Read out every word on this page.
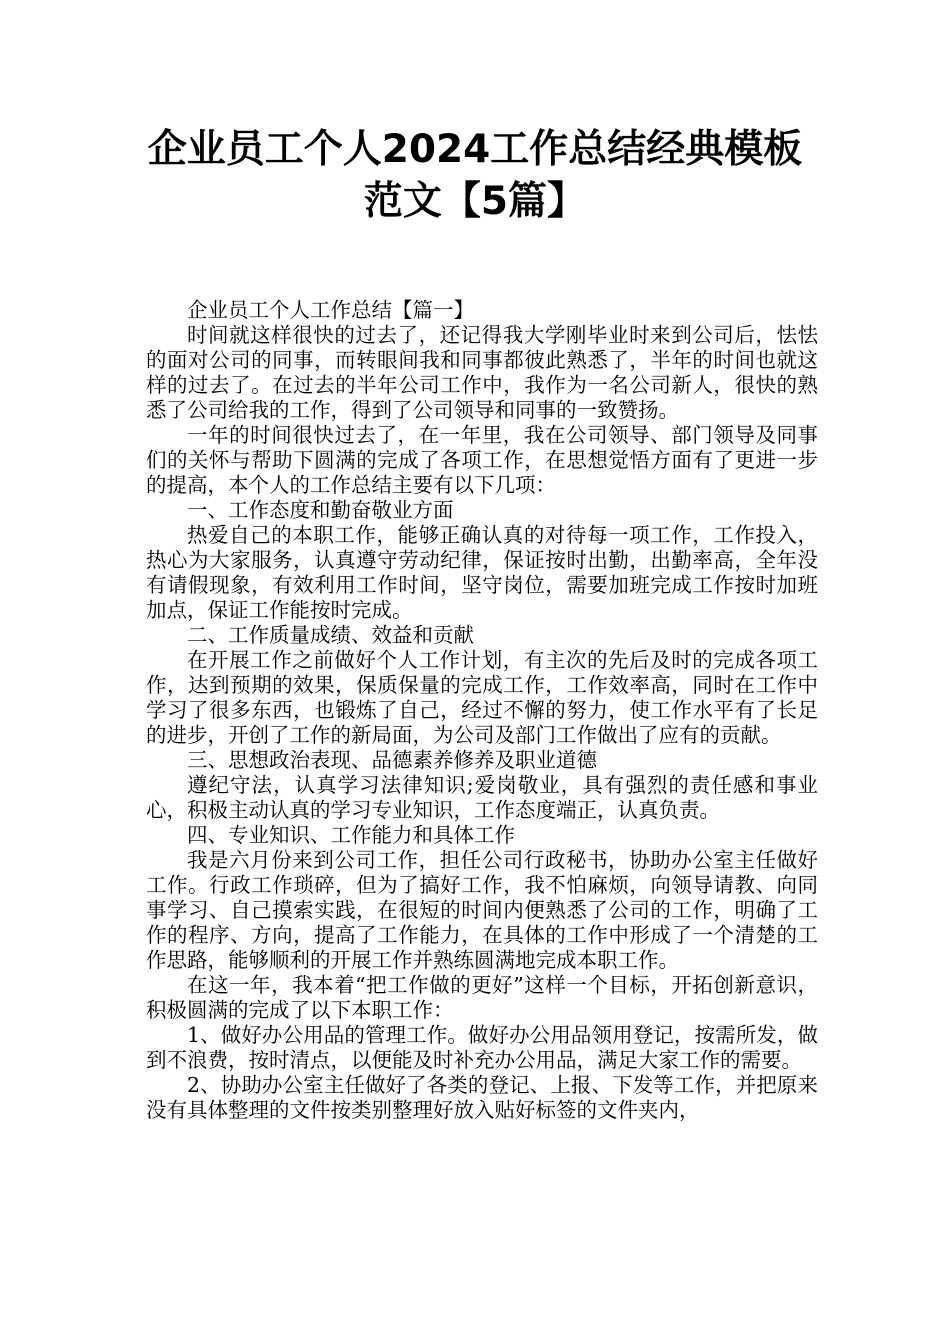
企业员工个人2024工作总结经典模板
范文【5篇】

企业员工个人工作总结【篇一】

时间就这样很快的过去了，还记得我大学刚毕业时来到公司后，怯怯的面对公司的同事，而转眼间我和同事都彼此熟悉了，半年的时间也就这样的过去了。在过去的半年公司工作中，我作为一名公司新人，很快的熟悉了公司给我的工作，得到了公司领导和同事的一致赞扬。

一年的时间很快过去了，在一年里，我在公司领导、部门领导及同事们的关怀与帮助下圆满的完成了各项工作，在思想觉悟方面有了更进一步的提高，本个人的工作总结主要有以下几项：

一、工作态度和勤奋敬业方面

热爱自己的本职工作，能够正确认真的对待每一项工作，工作投入，热心为大家服务，认真遵守劳动纪律，保证按时出勤，出勤率高，全年没有请假现象，有效利用工作时间，坚守岗位，需要加班完成工作按时加班加点，保证工作能按时完成。

二、工作质量成绩、效益和贡献

在开展工作之前做好个人工作计划，有主次的先后及时的完成各项工作，达到预期的效果，保质保量的完成工作，工作效率高，同时在工作中学习了很多东西，也锻炼了自己，经过不懈的努力，使工作水平有了长足的进步，开创了工作的新局面，为公司及部门工作做出了应有的贡献。

三、思想政治表现、品德素养修养及职业道德

遵纪守法，认真学习法律知识;爱岗敬业，具有强烈的责任感和事业心，积极主动认真的学习专业知识，工作态度端正，认真负责。

四、专业知识、工作能力和具体工作

我是六月份来到公司工作，担任公司行政秘书，协助办公室主任做好工作。行政工作琐碎，但为了搞好工作，我不怕麻烦，向领导请教、向同事学习、自己摸索实践，在很短的时间内便熟悉了公司的工作，明确了工作的程序、方向，提高了工作能力，在具体的工作中形成了一个清楚的工作思路，能够顺利的开展工作并熟练圆满地完成本职工作。

在这一年，我本着“把工作做的更好”这样一个目标，开拓创新意识，积极圆满的完成了以下本职工作：

1、做好办公用品的管理工作。做好办公用品领用登记，按需所发，做到不浪费，按时清点，以便能及时补充办公用品，满足大家工作的需要。

2、协助办公室主任做好了各类的登记、上报、下发等工作，并把原来没有具体整理的文件按类别整理好放入贴好标签的文件夹内，
